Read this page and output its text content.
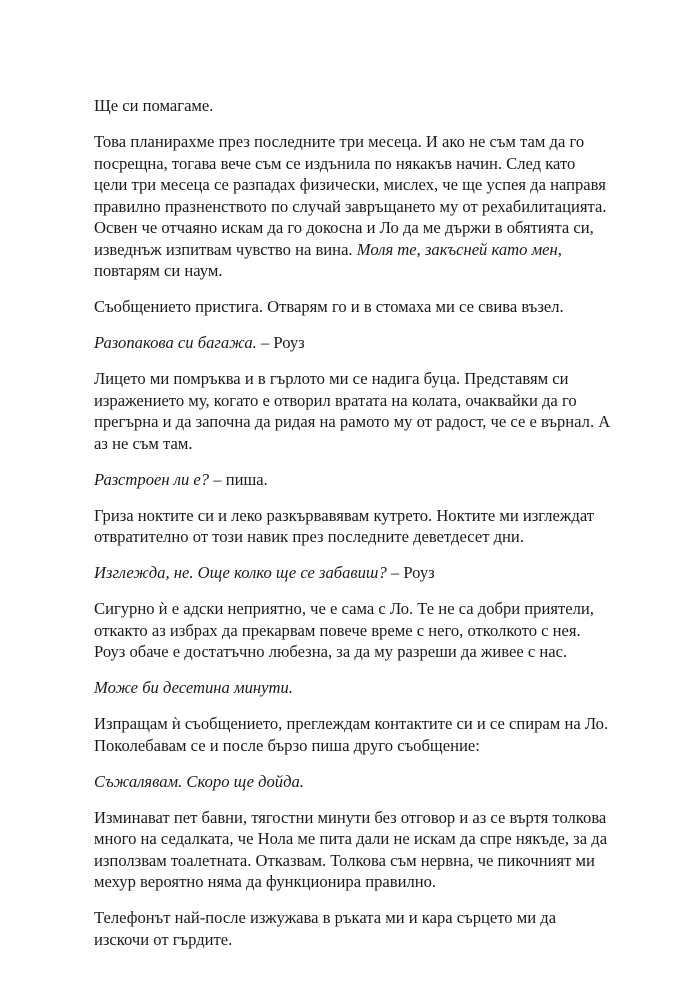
Ще си помагаме.

Това планирахме през последните три месеца. И ако не съм там да го
посрещна, тогава вече съм се издънила по някакъв начин. След като
цели три месеца се разпадах физически, мислех, че ще успея да направя
правилно празненството по случай завръщането му от рехабилитацията.
Освен че отчаяно искам да го докосна и Ло да ме държи в обятията си,
изведнъж изпитвам чувство на вина. Моля те, закъсней като мен,
повтарям си наум.

Съобщението пристига. Отварям го и в стомаха ми се свива възел.

Разопакова си багажа. – Роуз

Лицето ми помръква и в гърлото ми се надига буца. Представям си
изражението му, когато е отворил вратата на колата, очаквайки да го
прегърна и да започна да ридая на рамото му от радост, че се е върнал. А
аз не съм там.

Разстроен ли е? – пиша.

Гриза ноктите си и леко разкървавявам кутрето. Ноктите ми изглеждат
отвратително от този навик през последните деветдесет дни.

Изглежда, не. Още колко ще се забавиш? – Роуз

Сигурно ѝ е адски неприятно, че е сама с Ло. Те не са добри приятели,
откакто аз избрах да прекарвам повече време с него, отколкото с нея.
Роуз обаче е достатъчно любезна, за да му разреши да живее с нас.

Може би десетина минути.

Изпращам ѝ съобщението, преглеждам контактите си и се спирам на Ло.
Поколебавам се и после бързо пиша друго съобщение:

Съжалявам. Скоро ще дойда.

Изминават пет бавни, тягостни минути без отговор и аз се въртя толкова
много на седалката, че Нола ме пита дали не искам да спре някъде, за да
използвам тоалетната. Отказвам. Толкова съм нервна, че пикочният ми
мехур вероятно няма да функционира правилно.

Телефонът най-после изжужава в ръката ми и кара сърцето ми да
изскочи от гърдите.
